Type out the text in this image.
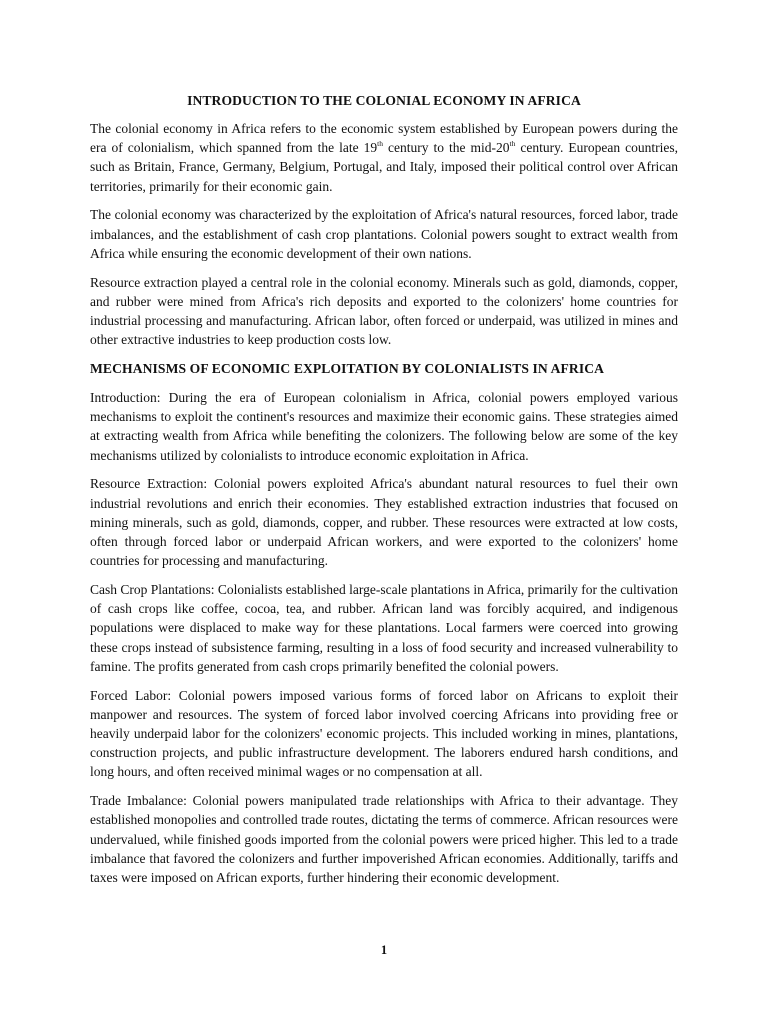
INTRODUCTION TO THE COLONIAL ECONOMY IN AFRICA

The colonial economy in Africa refers to the economic system established by European powers during the era of colonialism, which spanned from the late 19th century to the mid-20th century. European countries, such as Britain, France, Germany, Belgium, Portugal, and Italy, imposed their political control over African territories, primarily for their economic gain.

The colonial economy was characterized by the exploitation of Africa's natural resources, forced labor, trade imbalances, and the establishment of cash crop plantations. Colonial powers sought to extract wealth from Africa while ensuring the economic development of their own nations.

Resource extraction played a central role in the colonial economy. Minerals such as gold, diamonds, copper, and rubber were mined from Africa's rich deposits and exported to the colonizers' home countries for industrial processing and manufacturing. African labor, often forced or underpaid, was utilized in mines and other extractive industries to keep production costs low.

MECHANISMS OF ECONOMIC EXPLOITATION BY COLONIALISTS IN AFRICA

Introduction: During the era of European colonialism in Africa, colonial powers employed various mechanisms to exploit the continent's resources and maximize their economic gains. These strategies aimed at extracting wealth from Africa while benefiting the colonizers. The following below are some of the key mechanisms utilized by colonialists to introduce economic exploitation in Africa.

Resource Extraction: Colonial powers exploited Africa's abundant natural resources to fuel their own industrial revolutions and enrich their economies. They established extraction industries that focused on mining minerals, such as gold, diamonds, copper, and rubber. These resources were extracted at low costs, often through forced labor or underpaid African workers, and were exported to the colonizers' home countries for processing and manufacturing.

Cash Crop Plantations: Colonialists established large-scale plantations in Africa, primarily for the cultivation of cash crops like coffee, cocoa, tea, and rubber. African land was forcibly acquired, and indigenous populations were displaced to make way for these plantations. Local farmers were coerced into growing these crops instead of subsistence farming, resulting in a loss of food security and increased vulnerability to famine. The profits generated from cash crops primarily benefited the colonial powers.

Forced Labor: Colonial powers imposed various forms of forced labor on Africans to exploit their manpower and resources. The system of forced labor involved coercing Africans into providing free or heavily underpaid labor for the colonizers' economic projects. This included working in mines, plantations, construction projects, and public infrastructure development. The laborers endured harsh conditions, and long hours, and often received minimal wages or no compensation at all.

Trade Imbalance: Colonial powers manipulated trade relationships with Africa to their advantage. They established monopolies and controlled trade routes, dictating the terms of commerce. African resources were undervalued, while finished goods imported from the colonial powers were priced higher. This led to a trade imbalance that favored the colonizers and further impoverished African economies. Additionally, tariffs and taxes were imposed on African exports, further hindering their economic development.

1
